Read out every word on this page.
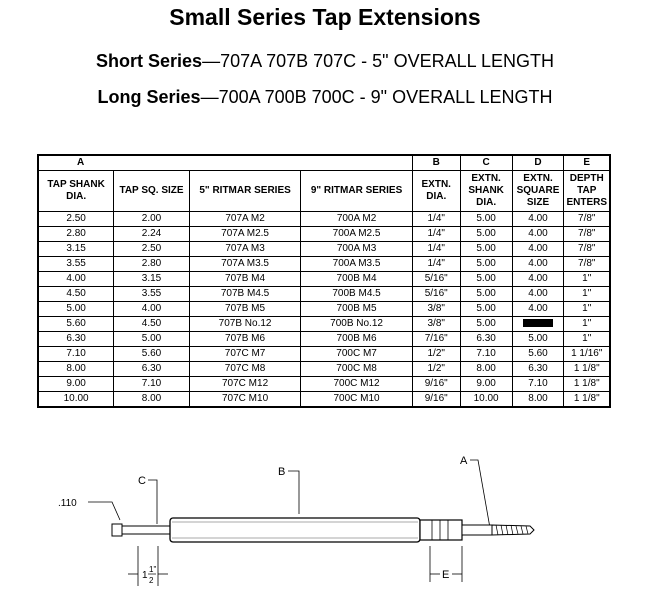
Small Series Tap Extensions
Short Series—707A 707B 707C - 5" OVERALL LENGTH
Long Series—700A 700B 700C - 9" OVERALL LENGTH
A				B	C	D	E
TAP SHANK DIA.	TAP SQ. SIZE	5" RITMAR SERIES	9" RITMAR SERIES	EXTN. DIA.	EXTN. SHANK DIA.	EXTN. SQUARE SIZE	DEPTH TAP ENTERS
2.50	2.00	707A M2	700A M2	1/4"	5.00	4.00	7/8"
2.80	2.24	707A M2.5	700A M2.5	1/4"	5.00	4.00	7/8"
3.15	2.50	707A M3	700A M3	1/4"	5.00	4.00	7/8"
3.55	2.80	707A M3.5	700A M3.5	1/4"	5.00	4.00	7/8"
4.00	3.15	707B M4	700B M4	5/16"	5.00	4.00	1"
4.50	3.55	707B M4.5	700B M4.5	5/16"	5.00	4.00	1"
5.00	4.00	707B M5	700B M5	3/8"	5.00	4.00	1"
5.60	4.50	707B No.12	700B No.12	3/8"	5.00		1"
6.30	5.00	707B M6	700B M6	7/16"	6.30	5.00	1"
7.10	5.60	707C M7	700C M7	1/2"	7.10	5.60	1 1/16"
8.00	6.30	707C M8	700C M8	1/2"	8.00	6.30	1 1/8"
9.00	7.10	707C M12	700C M12	9/16"	9.00	7.10	1 1/8"
10.00	8.00	707C M10	700C M10	9/16"	10.00	8.00	1 1/8"
.110
C
B
A
1
1"
2	E
